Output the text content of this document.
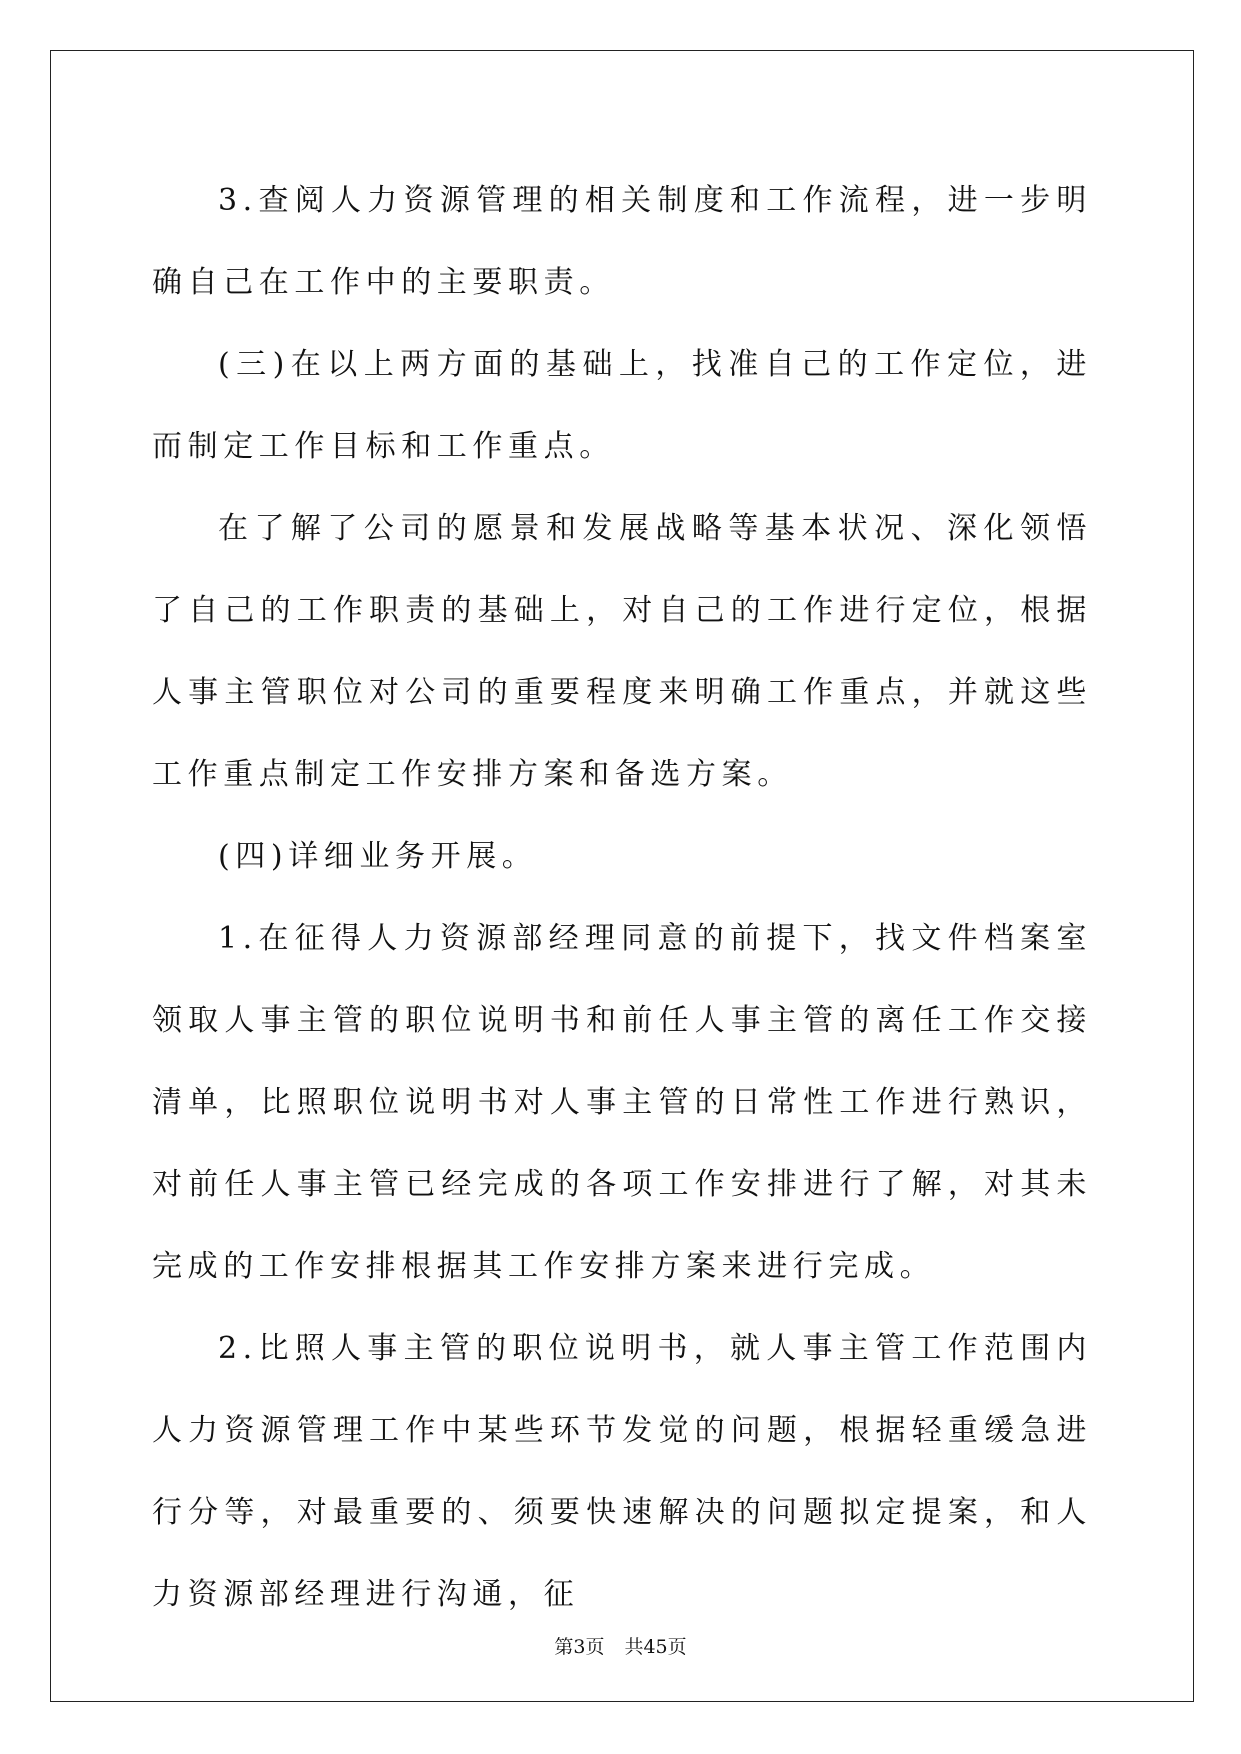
3.查阅人力资源管理的相关制度和工作流程，进一步明确自己在工作中的主要职责。

(三)在以上两方面的基础上，找准自己的工作定位，进而制定工作目标和工作重点。

在了解了公司的愿景和发展战略等基本状况、深化领悟了自己的工作职责的基础上，对自己的工作进行定位，根据人事主管职位对公司的重要程度来明确工作重点，并就这些工作重点制定工作安排方案和备选方案。

(四)详细业务开展。

1.在征得人力资源部经理同意的前提下，找文件档案室领取人事主管的职位说明书和前任人事主管的离任工作交接清单，比照职位说明书对人事主管的日常性工作进行熟识，对前任人事主管已经完成的各项工作安排进行了解，对其未完成的工作安排根据其工作安排方案来进行完成。

2.比照人事主管的职位说明书，就人事主管工作范围内人力资源管理工作中某些环节发觉的问题，根据轻重缓急进行分等，对最重要的、须要快速解决的问题拟定提案，和人力资源部经理进行沟通，征

第3页 共45页
